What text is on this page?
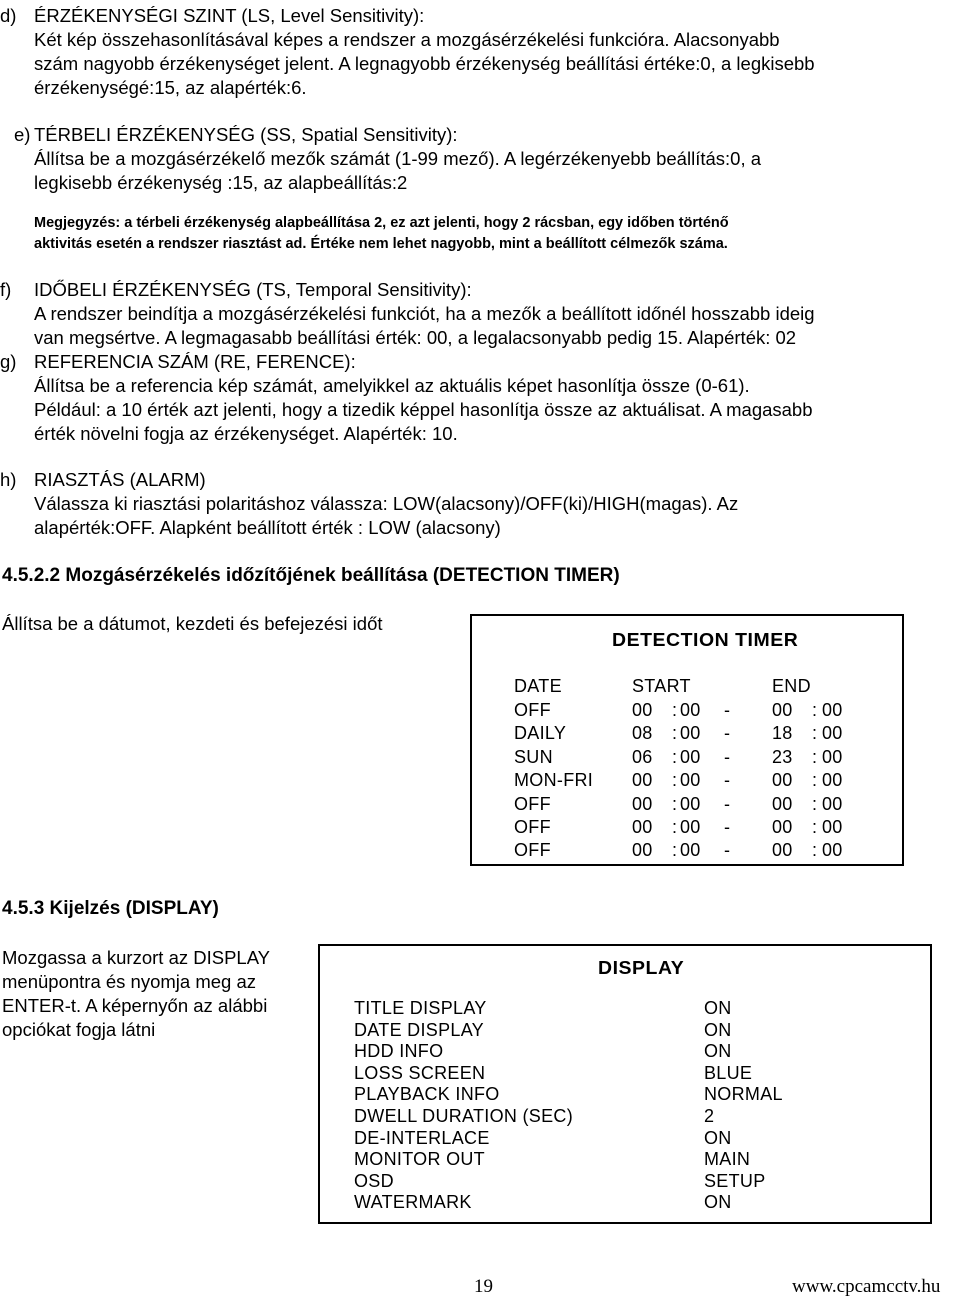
d) ÉRZÉKENYSÉGI SZINT (LS, Level Sensitivity):
Két kép összehasonlításával képes a rendszer a mozgásérzékelési funkcióra. Alacsonyabb
szám nagyobb érzékenységet jelent. A legnagyobb érzékenység beállítási értéke:0, a legkisebb
érzékenységé:15, az alapérték:6.
e) TÉRBELI ÉRZÉKENYSÉG (SS, Spatial Sensitivity):
Állítsa be a mozgásérzékelő mezők számát (1-99 mező). A legérzékenyebb beállítás:0, a
legkisebb érzékenység :15, az alapbeállítás:2
Megjegyzés: a térbeli érzékenység alapbeállítása 2, ez azt jelenti, hogy 2 rácsban, egy időben történő
aktivitás esetén a rendszer riasztást ad. Értéke nem lehet nagyobb, mint a beállított célmezők száma.
f) IDŐBELI ÉRZÉKENYSÉG (TS, Temporal Sensitivity):
A rendszer beindítja a mozgásérzékelési funkciót, ha a mezők a beállított időnél hosszabb ideig
van megsértve. A legmagasabb beállítási érték: 00, a legalacsonyabb pedig 15. Alapérték: 02
g) REFERENCIA SZÁM (RE, FERENCE):
Állítsa be a referencia kép számát, amelyikkel az aktuális képet hasonlítja össze (0-61).
Például: a 10 érték azt jelenti, hogy a tizedik képpel hasonlítja össze az aktuálisat. A magasabb
érték növelni fogja az érzékenységet. Alapérték: 10.
h) RIASZTÁS (ALARM)
Válassza ki riasztási polaritáshoz válassza: LOW(alacsony)/OFF(ki)/HIGH(magas). Az
alapérték:OFF. Alapként beállított érték : LOW (alacsony)
4.5.2.2 Mozgásérzékelés időzítőjének beállítása (DETECTION TIMER)
Állítsa be a dátumot, kezdeti és befejezési időt
DETECTION TIMER
DATE	START	END
OFF	00 : 00 - 00 : 00
DAILY	08 : 00 - 18 : 00
SUN	06 : 00 - 23 : 00
MON-FRI 00 : 00 - 00 : 00
OFF	00 : 00 - 00 : 00
OFF	00 : 00 - 00 : 00
OFF	00 : 00 - 00 : 00
4.5.3 Kijelzés (DISPLAY)
Mozgassa a kurzort az DISPLAY
menüpontra és nyomja meg az
ENTER-t. A képernyőn az alábbi
opciókat fogja látni
DISPLAY
TITLE DISPLAY	ON
DATE DISPLAY	ON
HDD INFO	ON
LOSS SCREEN	BLUE
PLAYBACK INFO	NORMAL
DWELL DURATION (SEC)	2
DE-INTERLACE	ON
MONITOR OUT	MAIN
OSD	SETUP
WATERMARK	ON
19	www.cpcamcctv.hu
